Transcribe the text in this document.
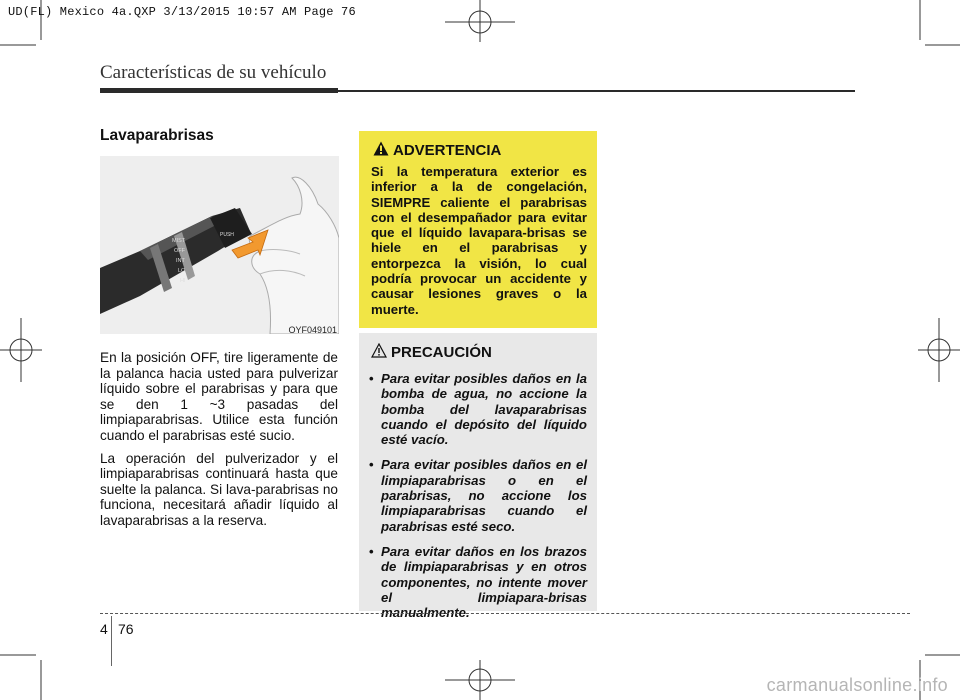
UD(FL) Mexico 4a.QXP 3/13/2015 10:57 AM Page 76
Características de su vehículo
Lavaparabrisas
MIST
OFF
INT
LO
HI
PUSH
OYF049101

En la posición OFF, tire ligeramente de la palanca hacia usted para pulverizar líquido sobre el parabrisas y para que se den 1 ~3 pasadas del limpiaparabrisas. Utilice esta función cuando el parabrisas esté sucio.

La operación del pulverizador y el limpiaparabrisas continuará hasta que suelte la palanca. Si lava-parabrisas no funciona, necesitará añadir líquido al lavaparabrisas a la reserva.

ADVERTENCIA
Si la temperatura exterior es inferior a la de congelación, SIEMPRE caliente el parabrisas con el desempañador para evitar que el líquido lavapara-brisas se hiele en el parabrisas y entorpezca la visión, lo cual podría provocar un accidente y causar lesiones graves o la muerte.
PRECAUCIÓN
• Para evitar posibles daños en la bomba de agua, no accione la bomba del lavaparabrisas cuando el depósito del líquido esté vacío.
• Para evitar posibles daños en el limpiaparabrisas o en el parabrisas, no accione los limpiaparabrisas cuando el parabrisas esté seco.
• Para evitar daños en los brazos de limpiaparabrisas y en otros componentes, no intente mover el limpiapara-brisas manualmente.
4 76
carmanualsonline.info
